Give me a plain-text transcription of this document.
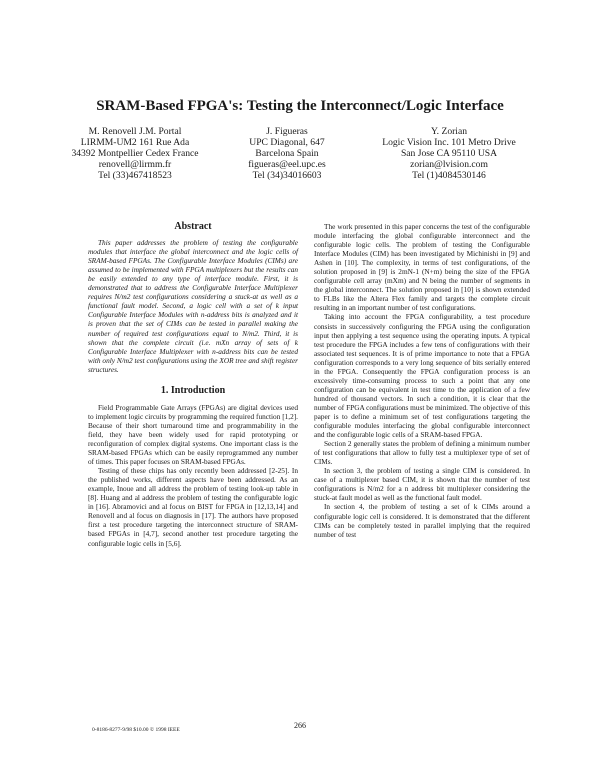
SRAM-Based FPGA's: Testing the Interconnect/Logic Interface
M. Renovell J.M. Portal
LIRMM-UM2 161 Rue Ada
34392 Montpellier Cedex France
renovell@lirmm.fr
Tel (33)467418523
J. Figueras
UPC Diagonal, 647
Barcelona Spain
figueras@eel.upc.es
Tel (34)34016603
Y. Zorian
Logic Vision Inc. 101 Metro Drive
San Jose CA 95110 USA
zorian@lvision.com
Tel (1)4084530146

Abstract

This paper addresses the problem of testing the configurable modules that interface the global interconnect and the logic cells of SRAM-based FPGAs. The Configurable Interface Modules (CIMs) are assumed to be implemented with FPGA multiplexers but the results can be easily extended to any type of interface module. First, it is demonstrated that to address the Configurable Interface Multiplexer requires N/m2 test configurations considering a stuck-at as well as a functional fault model. Second, a logic cell with a set of k input Configurable Interface Modules with n-address bits is analyzed and it is proven that the set of CIMs can be tested in parallel making the number of required test configurations equal to N/m2. Third, it is shown that the complete circuit (i.e. mXn array of sets of k Configurable Interface Multiplexer with n-address bits can be tested with only N/m2 test configurations using the XOR tree and shift register structures.

1. Introduction

Field Programmable Gate Arrays (FPGAs) are digital devices used to implement logic circuits by programming the required function [1,2]. Because of their short turnaround time and programmability in the field, they have been widely used for rapid prototyping or reconfiguration of complex digital systems. One important class is the SRAM-based FPGAs which can be easily reprogrammed any number of times. This paper focuses on SRAM-based FPGAs.

Testing of these chips has only recently been addressed [2-25]. In the published works, different aspects have been addressed. As an example, Inoue and all address the problem of testing look-up table in [8]. Huang and al address the problem of testing the configurable logic in [16]. Abramovici and al focus on BIST for FPGA in [12,13,14] and Renovell and al focus on diagnosis in [17]. The authors have proposed first a test procedure targeting the interconnect structure of SRAM-based FPGAs in [4,7], second another test procedure targeting the configurable logic cells in [5,6].

The work presented in this paper concerns the test of the configurable module interfacing the global configurable interconnect and the configurable logic cells. The problem of testing the Configurable Interface Modules (CIM) has been investigated by Michinishi in [9] and Ashen in [10]. The complexity, in terms of test configurations, of the solution proposed in [9] is 2mN-1 (N+m) being the size of the FPGA configurable cell array (mXm) and N being the number of segments in the global interconnect. The solution proposed in [10] is shown extended to FLBs like the Altera Flex family and targets the complete circuit resulting in an important number of test configurations.

Taking into account the FPGA configurability, a test procedure consists in successively configuring the FPGA using the configuration input then applying a test sequence using the operating inputs. A typical test procedure the FPGA includes a few tens of configurations with their associated test sequences. It is of prime importance to note that a FPGA configuration corresponds to a very long sequence of bits serially entered in the FPGA. Consequently the FPGA configuration process is an excessively time-consuming process to such a point that any one configuration can be equivalent in test time to the application of a few hundred of thousand vectors. In such a condition, it is clear that the number of FPGA configurations must be minimized. The objective of this paper is to define a minimum set of test configurations targeting the configurable modules interfacing the global configurable interconnect and the configurable logic cells of a SRAM-based FPGA.

Section 2 generally states the problem of defining a minimum number of test configurations that allow to fully test a multiplexer type of set of CIMs.

In section 3, the problem of testing a single CIM is considered. In case of a multiplexer based CIM, it is shown that the number of test configurations is N/m2 for a n address bit multiplexer considering the stuck-at fault model as well as the functional fault model.

In section 4, the problem of testing a set of k CIMs around a configurable logic cell is considered. It is demonstrated that the different CIMs can be completely tested in parallel implying that the required number of test

266
0-8186-8277-9/98 $10.00 © 1998 IEEE
